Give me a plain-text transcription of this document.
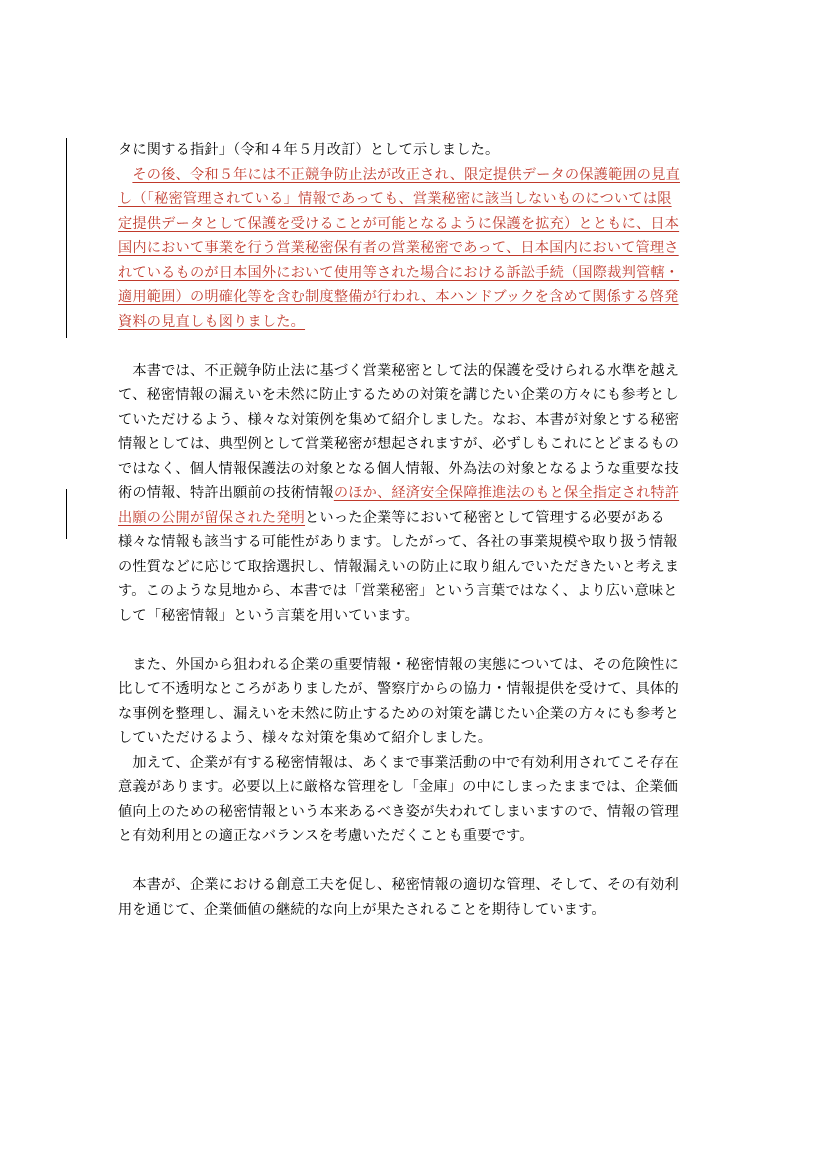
タに関する指針」（令和４年５月改訂）として示しました。
　その後、令和５年には不正競争防止法が改正され、限定提供データの保護範囲の見直
し（「秘密管理されている」情報であっても、営業秘密に該当しないものについては限
定提供データとして保護を受けることが可能となるように保護を拡充）とともに、日本
国内において事業を行う営業秘密保有者の営業秘密であって、日本国内において管理さ
れているものが日本国外において使用等された場合における訴訟手続（国際裁判管轄・
適用範囲）の明確化等を含む制度整備が行われ、本ハンドブックを含めて関係する啓発
資料の見直しも図りました。
　本書では、不正競争防止法に基づく営業秘密として法的保護を受けられる水準を越え
て、秘密情報の漏えいを未然に防止するための対策を講じたい企業の方々にも参考とし
ていただけるよう、様々な対策例を集めて紹介しました。なお、本書が対象とする秘密
情報としては、典型例として営業秘密が想起されますが、必ずしもこれにとどまるもの
ではなく、個人情報保護法の対象となる個人情報、外為法の対象となるような重要な技
術の情報、特許出願前の技術情報のほか、経済安全保障推進法のもと保全指定され特許
出願の公開が留保された発明といった企業等において秘密として管理する必要がある
様々な情報も該当する可能性があります。したがって、各社の事業規模や取り扱う情報
の性質などに応じて取捨選択し、情報漏えいの防止に取り組んでいただきたいと考えま
す。このような見地から、本書では「営業秘密」という言葉ではなく、より広い意味と
して「秘密情報」という言葉を用いています。
　また、外国から狙われる企業の重要情報・秘密情報の実態については、その危険性に
比して不透明なところがありましたが、警察庁からの協力・情報提供を受けて、具体的
な事例を整理し、漏えいを未然に防止するための対策を講じたい企業の方々にも参考と
していただけるよう、様々な対策を集めて紹介しました。
　加えて、企業が有する秘密情報は、あくまで事業活動の中で有効利用されてこそ存在
意義があります。必要以上に厳格な管理をし「金庫」の中にしまったままでは、企業価
値向上のための秘密情報という本来あるべき姿が失われてしまいますので、情報の管理
と有効利用との適正なバランスを考慮いただくことも重要です。
　本書が、企業における創意工夫を促し、秘密情報の適切な管理、そして、その有効利
用を通じて、企業価値の継続的な向上が果たされることを期待しています。
